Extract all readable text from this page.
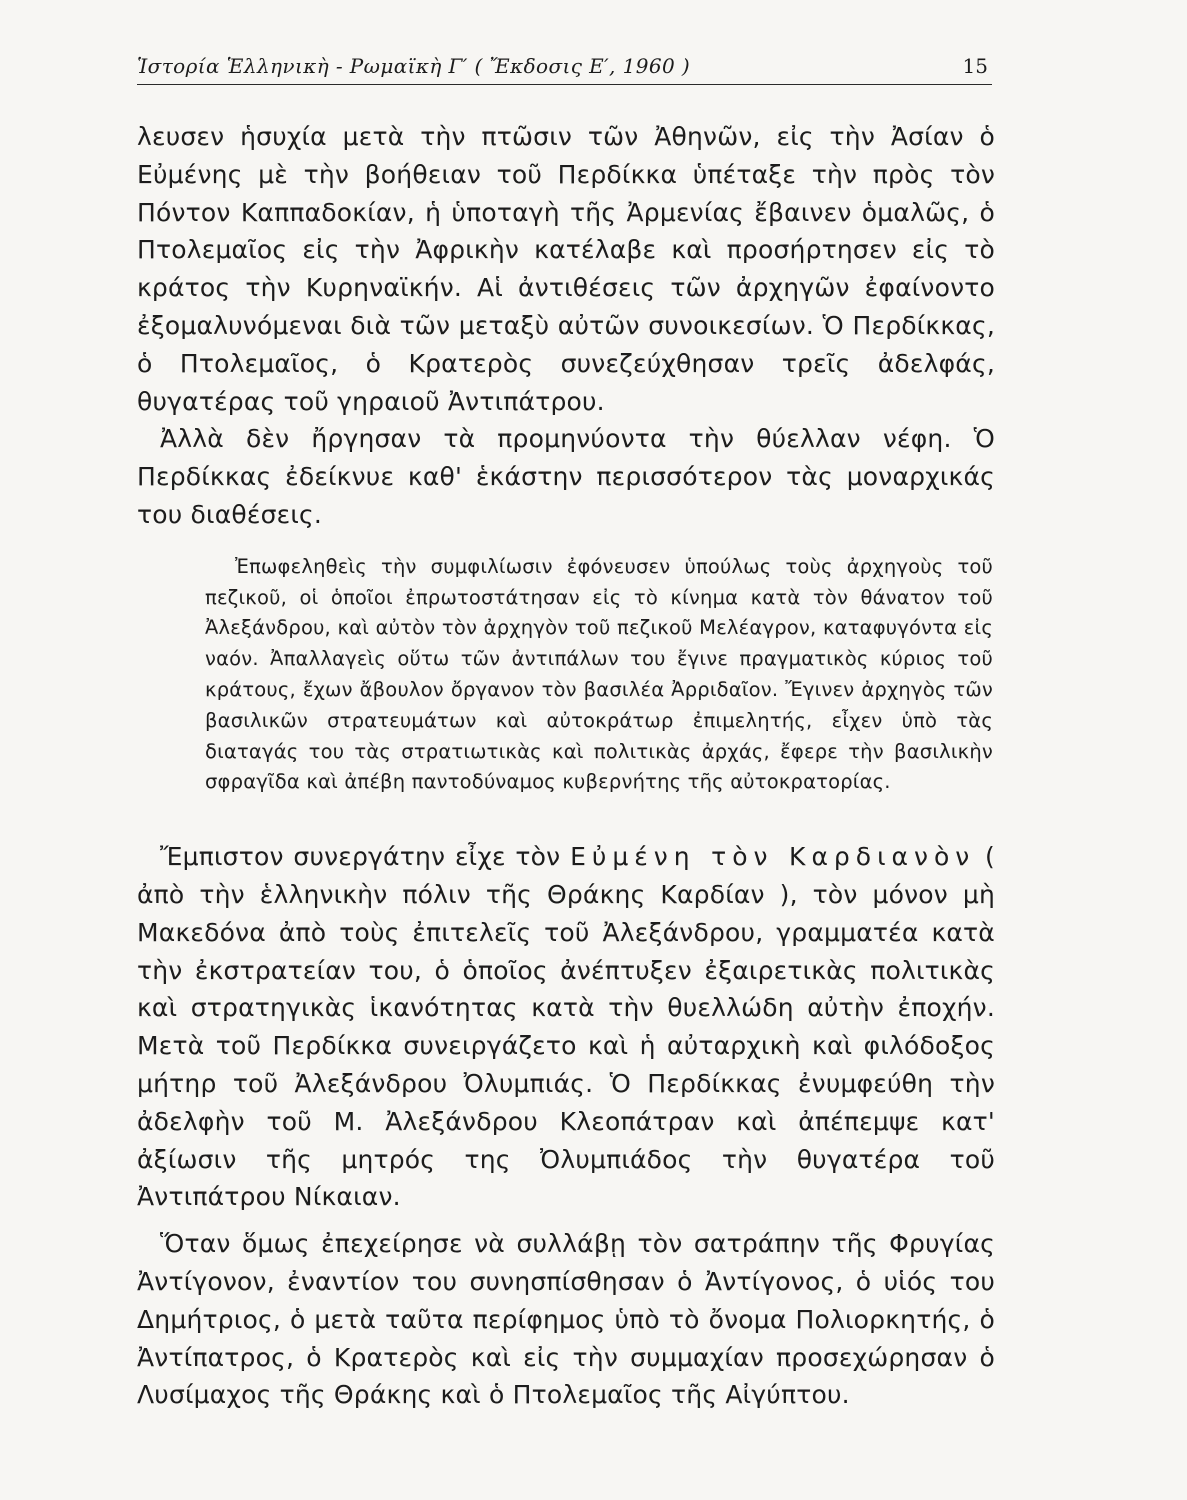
Ἱστορία Ἑλληνικὴ - Ρωμαϊκὴ Γ′ ( Ἔκδοσις Ε′, 1960 )	15

λευσεν ἡσυχία μετὰ τὴν πτῶσιν τῶν Ἀθηνῶν, εἰς τὴν Ἀσίαν ὁ Εὐμένης μὲ τὴν βοήθειαν τοῦ Περδίκκα ὑπέταξε τὴν πρὸς τὸν Πόντον Καππαδοκίαν, ἡ ὑποταγὴ τῆς Ἀρμενίας ἔβαινεν ὁμαλῶς, ὁ Πτολεμαῖος εἰς τὴν Ἀφρικὴν κατέλαβε καὶ προσήρτησεν εἰς τὸ κράτος τὴν Κυρηναϊκήν. Αἱ ἀντιθέσεις τῶν ἀρχηγῶν ἐφαίνοντο ἐξομαλυνόμεναι διὰ τῶν μεταξὺ αὐτῶν συνοικεσίων. Ὁ Περδίκκας, ὁ Πτολεμαῖος, ὁ Κρατερὸς συνεζεύχθησαν τρεῖς ἀδελφάς, θυγατέρας τοῦ γηραιοῦ Ἀντιπάτρου.

Ἀλλὰ δὲν ἤργησαν τὰ προμηνύοντα τὴν θύελλαν νέφη. Ὁ Περδίκκας ἐδείκνυε καθ' ἑκάστην περισσότερον τὰς μοναρχικάς του διαθέσεις.

Ἐπωφεληθεὶς τὴν συμφιλίωσιν ἐφόνευσεν ὑπούλως τοὺς ἀρχηγοὺς τοῦ πεζικοῦ, οἱ ὁποῖοι ἐπρωτοστάτησαν εἰς τὸ κίνημα κατὰ τὸν θάνατον τοῦ Ἀλεξάνδρου, καὶ αὐτὸν τὸν ἀρχηγὸν τοῦ πεζικοῦ Μελέαγρον, καταφυγόντα εἰς ναόν. Ἀπαλλαγεὶς οὕτω τῶν ἀντιπάλων του ἔγινε πραγματικὸς κύριος τοῦ κράτους, ἔχων ἄβουλον ὄργανον τὸν βασιλέα Ἀρριδαῖον. Ἔγινεν ἀρχηγὸς τῶν βασιλικῶν στρατευμάτων καὶ αὐτοκράτωρ ἐπιμελητής, εἶχεν ὑπὸ τὰς διαταγάς του τὰς στρατιωτικὰς καὶ πολιτικὰς ἀρχάς, ἔφερε τὴν βασιλικὴν σφραγῖδα καὶ ἀπέβη παντοδύναμος κυβερνήτης τῆς αὐτοκρατορίας.

Ἔμπιστον συνεργάτην εἶχε τὸν Εὐμένη τὸν Καρδιανὸν ( ἀπὸ τὴν ἑλληνικὴν πόλιν τῆς Θράκης Καρδίαν ), τὸν μόνον μὴ Μακεδόνα ἀπὸ τοὺς ἐπιτελεῖς τοῦ Ἀλεξάνδρου, γραμματέα κατὰ τὴν ἐκστρατείαν του, ὁ ὁποῖος ἀνέπτυξεν ἐξαιρετικὰς πολιτικὰς καὶ στρατηγικὰς ἱκανότητας κατὰ τὴν θυελλώδη αὐτὴν ἐποχήν. Μετὰ τοῦ Περδίκκα συνειργάζετο καὶ ἡ αὐταρχικὴ καὶ φιλόδοξος μήτηρ τοῦ Ἀλεξάνδρου Ὀλυμπιάς. Ὁ Περδίκκας ἐνυμφεύθη τὴν ἀδελφὴν τοῦ Μ. Ἀλεξάνδρου Κλεοπάτραν καὶ ἀπέπεμψε κατ' ἀξίωσιν τῆς μητρός της Ὀλυμπιάδος τὴν θυγατέρα τοῦ Ἀντιπάτρου Νίκαιαν.

Ὅταν ὅμως ἐπεχείρησε νὰ συλλάβῃ τὸν σατράπην τῆς Φρυγίας Ἀντίγονον, ἐναντίον του συνησπίσθησαν ὁ Ἀντίγονος, ὁ υἱός του Δημήτριος, ὁ μετὰ ταῦτα περίφημος ὑπὸ τὸ ὄνομα Πολιορκητής, ὁ Ἀντίπατρος, ὁ Κρατερὸς καὶ εἰς τὴν συμμαχίαν προσεχώρησαν ὁ Λυσίμαχος τῆς Θράκης καὶ ὁ Πτολεμαῖος τῆς Αἰγύπτου.
